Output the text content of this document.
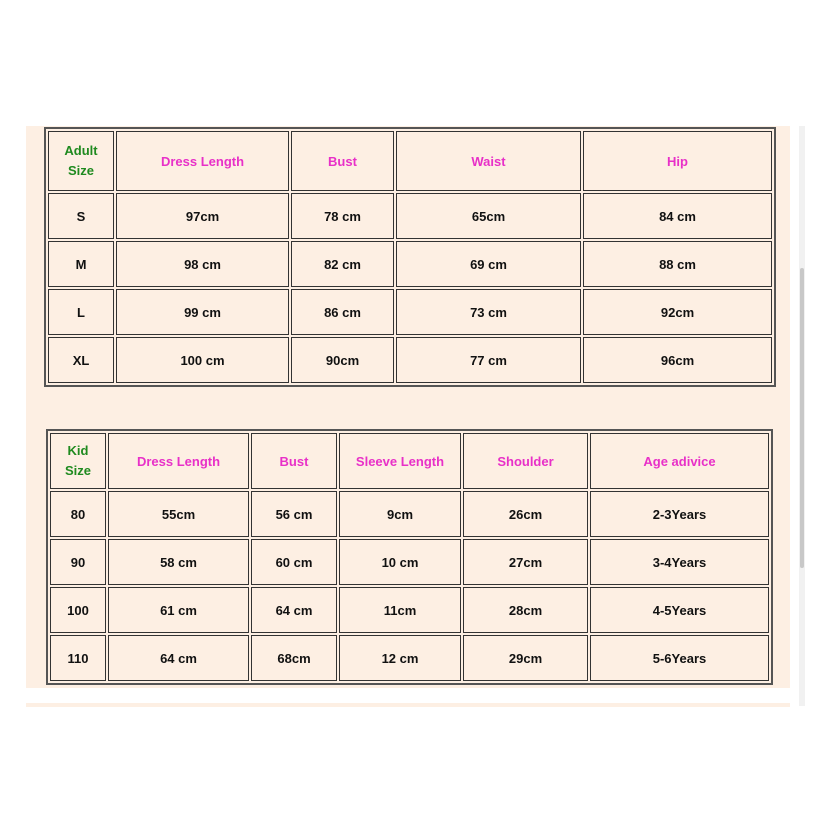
Adult
Size	Dress Length	Bust	Waist	Hip
S	97cm	78 cm	65cm	84 cm
M	98 cm	82 cm	69 cm	88 cm
L	99 cm	86 cm	73 cm	92cm
XL	100 cm	90cm	77 cm	96cm
Kid
Size	Dress Length	Bust	Sleeve Length	Shoulder	Age adivice
80	55cm	56 cm	9cm	26cm	2-3Years
90	58 cm	60 cm	10 cm	27cm	3-4Years
100	61 cm	64 cm	11cm	28cm	4-5Years
110	64 cm	68cm	12 cm	29cm	5-6Years
